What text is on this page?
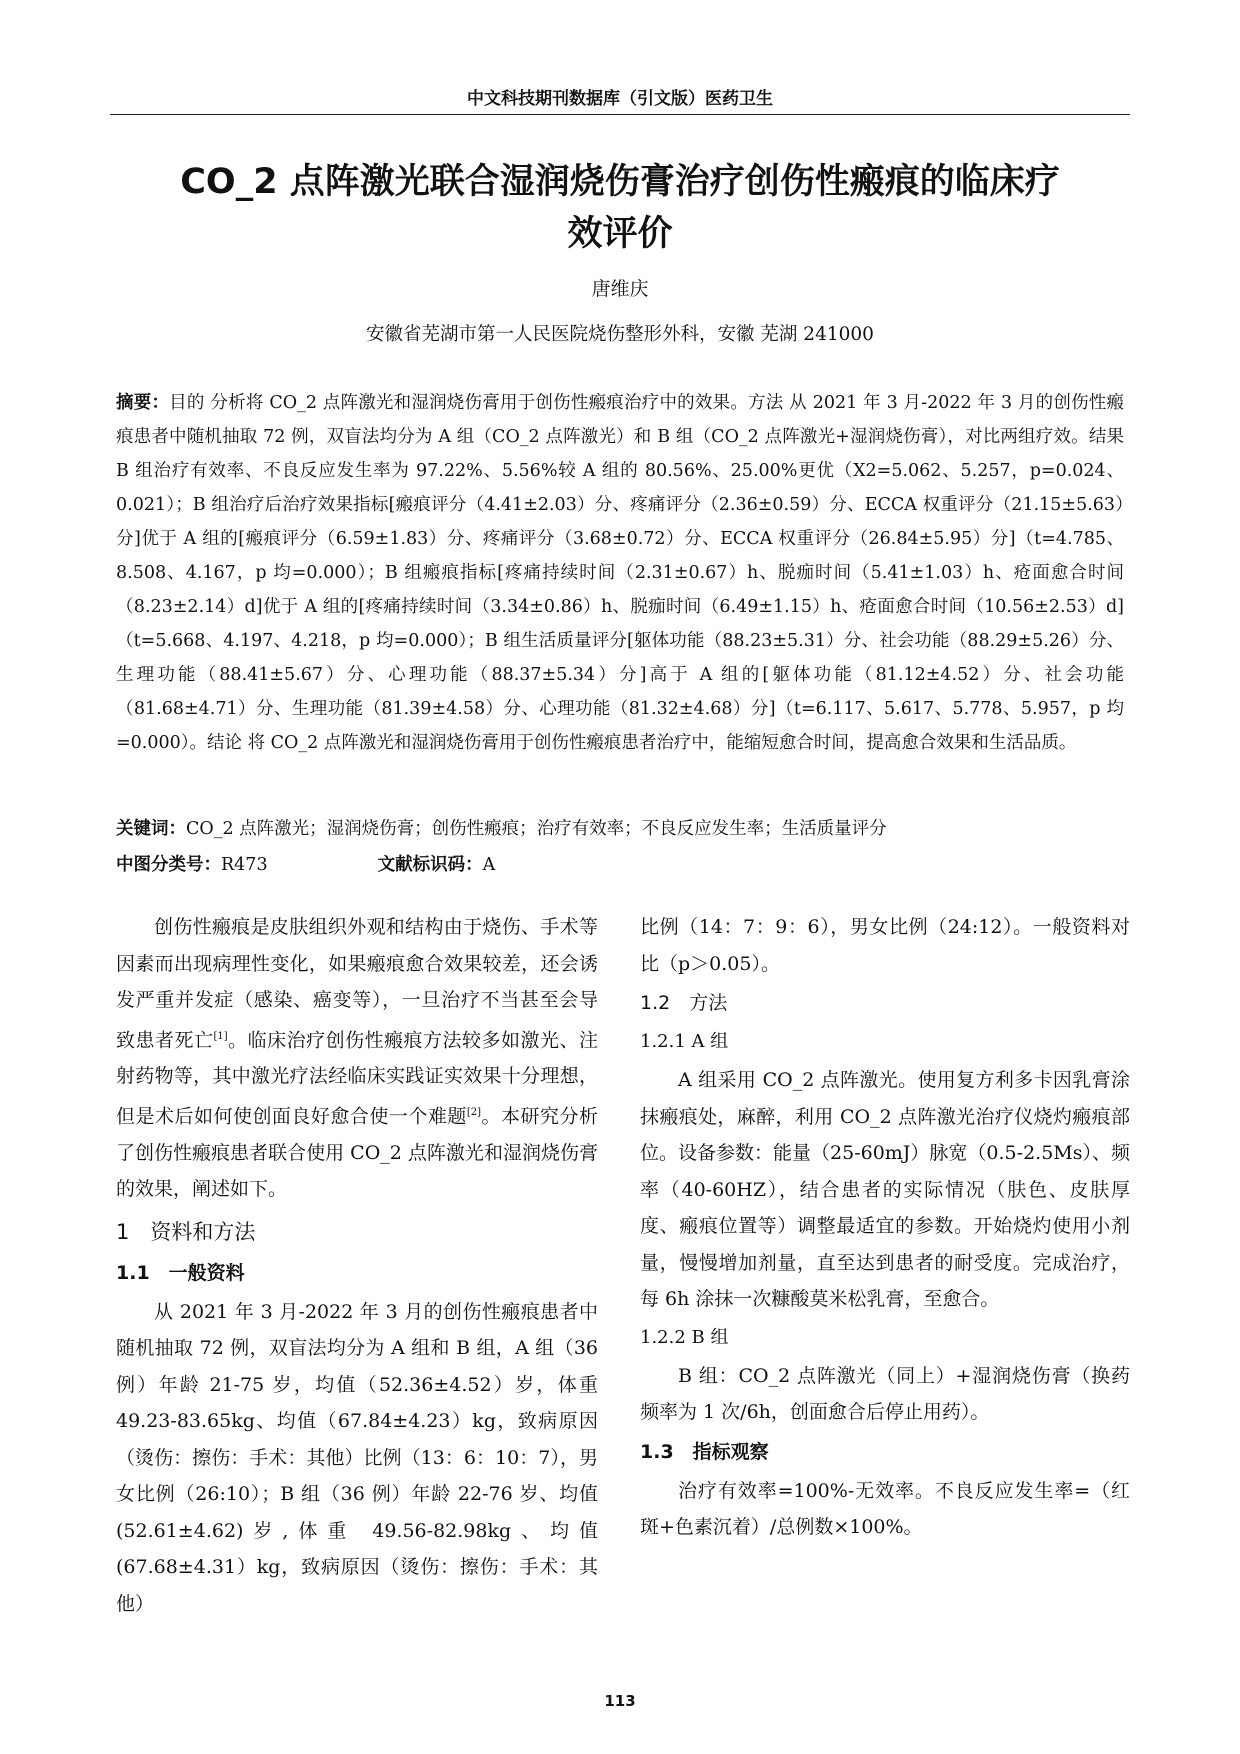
中文科技期刊数据库（引文版）医药卫生
CO_2 点阵激光联合湿润烧伤膏治疗创伤性瘢痕的临床疗
效评价
唐维庆
安徽省芜湖市第一人民医院烧伤整形外科，安徽 芜湖 241000
摘要：目的 分析将 CO_2 点阵激光和湿润烧伤膏用于创伤性瘢痕治疗中的效果。方法 从 2021 年 3 月-2022 年 3 月的创伤性瘢痕患者中随机抽取 72 例，双盲法均分为 A 组（CO_2 点阵激光）和 B 组（CO_2 点阵激光+湿润烧伤膏），对比两组疗效。结果 B 组治疗有效率、不良反应发生率为 97.22%、5.56%较 A 组的 80.56%、25.00%更优（X2=5.062、5.257，p=0.024、0.021）；B 组治疗后治疗效果指标[瘢痕评分（4.41±2.03）分、疼痛评分（2.36±0.59）分、ECCA 权重评分（21.15±5.63）分]优于 A 组的[瘢痕评分（6.59±1.83）分、疼痛评分（3.68±0.72）分、ECCA 权重评分（26.84±5.95）分]（t=4.785、8.508、4.167，p 均=0.000）；B 组瘢痕指标[疼痛持续时间（2.31±0.67）h、脱痂时间（5.41±1.03）h、疮面愈合时间（8.23±2.14）d]优于 A 组的[疼痛持续时间（3.34±0.86）h、脱痂时间（6.49±1.15）h、疮面愈合时间（10.56±2.53）d]（t=5.668、4.197、4.218，p 均=0.000）；B 组生活质量评分[躯体功能（88.23±5.31）分、社会功能（88.29±5.26）分、生理功能（88.41±5.67）分、心理功能（88.37±5.34）分]高于 A 组的[躯体功能（81.12±4.52）分、社会功能（81.68±4.71）分、生理功能（81.39±4.58）分、心理功能（81.32±4.68）分]（t=6.117、5.617、5.778、5.957，p 均=0.000）。结论 将 CO_2 点阵激光和湿润烧伤膏用于创伤性瘢痕患者治疗中，能缩短愈合时间，提高愈合效果和生活品质。
关键词：CO_2 点阵激光；湿润烧伤膏；创伤性瘢痕；治疗有效率；不良反应发生率；生活质量评分
中图分类号：R473	文献标识码：A

创伤性瘢痕是皮肤组织外观和结构由于烧伤、手术等因素而出现病理性变化，如果瘢痕愈合效果较差，还会诱发严重并发症（感染、癌变等），一旦治疗不当甚至会导致患者死亡[1]。临床治疗创伤性瘢痕方法较多如激光、注射药物等，其中激光疗法经临床实践证实效果十分理想，但是术后如何使创面良好愈合使一个难题[2]。本研究分析了创伤性瘢痕患者联合使用 CO_2 点阵激光和湿润烧伤膏的效果，阐述如下。

1　资料和方法

1.1　一般资料

从 2021 年 3 月-2022 年 3 月的创伤性瘢痕患者中随机抽取 72 例，双盲法均分为 A 组和 B 组，A 组（36 例）年龄 21-75 岁，均值（52.36±4.52）岁，体重 49.23-83.65kg、均值（67.84±4.23）kg，致病原因（烫伤：擦伤：手术：其他）比例（13：6：10：7），男女比例（26:10）；B 组（36 例）年龄 22-76 岁、均值(52.61±4.62)岁,体重 49.56-82.98kg、均值(67.68±4.31）kg，致病原因（烫伤：擦伤：手术：其他）

比例（14：7：9：6），男女比例（24:12）。一般资料对比（p＞0.05）。

1.2　方法

1.2.1 A 组

A 组采用 CO_2 点阵激光。使用复方利多卡因乳膏涂抹瘢痕处，麻醉，利用 CO_2 点阵激光治疗仪烧灼瘢痕部位。设备参数：能量（25-60mJ）脉宽（0.5-2.5Ms）、频率（40-60HZ），结合患者的实际情况（肤色、皮肤厚度、瘢痕位置等）调整最适宜的参数。开始烧灼使用小剂量，慢慢增加剂量，直至达到患者的耐受度。完成治疗，每 6h 涂抹一次糠酸莫米松乳膏，至愈合。

1.2.2 B 组

B 组：CO_2 点阵激光（同上）+湿润烧伤膏（换药频率为 1 次/6h，创面愈合后停止用药）。

1.3　指标观察

治疗有效率=100%-无效率。不良反应发生率=（红斑+色素沉着）/总例数×100%。

113
